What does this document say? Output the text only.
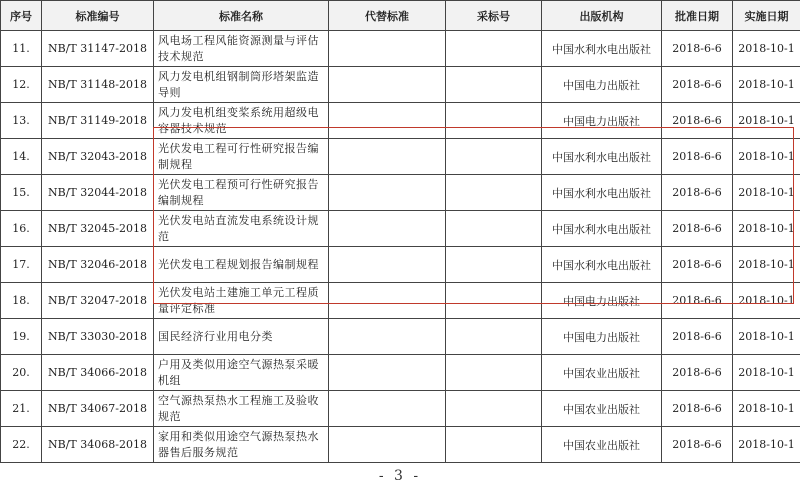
序号	标准编号	标准名称	代替标准	采标号	出版机构	批准日期	实施日期
11.	NB/T 31147-2018	风电场工程风能资源测量与评估技术规范			中国水利水电出版社	2018-6-6	2018-10-1
12.	NB/T 31148-2018	风力发电机组钢制筒形塔架监造导则			中国电力出版社	2018-6-6	2018-10-1
13.	NB/T 31149-2018	风力发电机组变桨系统用超级电容器技术规范			中国电力出版社	2018-6-6	2018-10-1
14.	NB/T 32043-2018	光伏发电工程可行性研究报告编制规程			中国水利水电出版社	2018-6-6	2018-10-1
15.	NB/T 32044-2018	光伏发电工程预可行性研究报告编制规程			中国水利水电出版社	2018-6-6	2018-10-1
16.	NB/T 32045-2018	光伏发电站直流发电系统设计规范			中国水利水电出版社	2018-6-6	2018-10-1
17.	NB/T 32046-2018	光伏发电工程规划报告编制规程			中国水利水电出版社	2018-6-6	2018-10-1
18.	NB/T 32047-2018	光伏发电站土建施工单元工程质量评定标准			中国电力出版社	2018-6-6	2018-10-1
19.	NB/T 33030-2018	国民经济行业用电分类			中国电力出版社	2018-6-6	2018-10-1
20.	NB/T 34066-2018	户用及类似用途空气源热泵采暖机组			中国农业出版社	2018-6-6	2018-10-1
21.	NB/T 34067-2018	空气源热泵热水工程施工及验收规范			中国农业出版社	2018-6-6	2018-10-1
22.	NB/T 34068-2018	家用和类似用途空气源热泵热水器售后服务规范			中国农业出版社	2018-6-6	2018-10-1
- 3 -
